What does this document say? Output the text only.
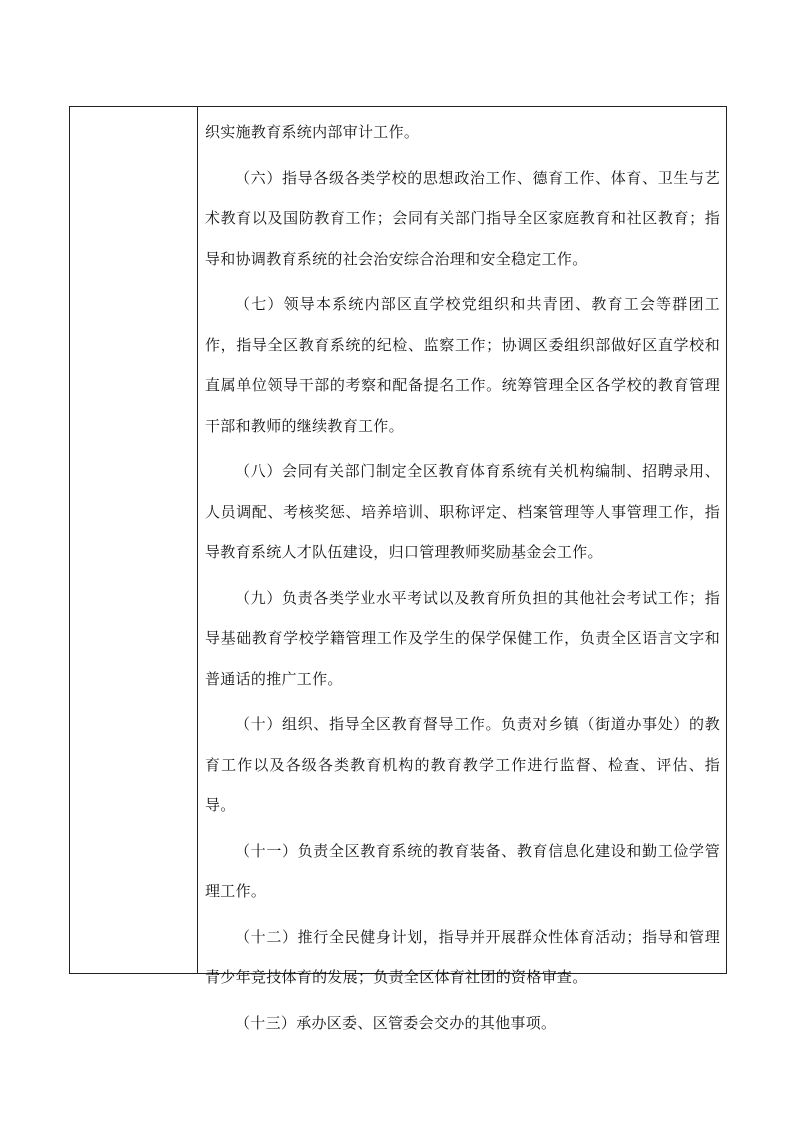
织实施教育系统内部审计工作。

（六）指导各级各类学校的思想政治工作、德育工作、体育、卫生与艺术教育以及国防教育工作；会同有关部门指导全区家庭教育和社区教育；指导和协调教育系统的社会治安综合治理和安全稳定工作。

（七）领导本系统内部区直学校党组织和共青团、教育工会等群团工作，指导全区教育系统的纪检、监察工作；协调区委组织部做好区直学校和直属单位领导干部的考察和配备提名工作。统筹管理全区各学校的教育管理干部和教师的继续教育工作。

（八）会同有关部门制定全区教育体育系统有关机构编制、招聘录用、人员调配、考核奖惩、培养培训、职称评定、档案管理等人事管理工作，指导教育系统人才队伍建设，归口管理教师奖励基金会工作。

（九）负责各类学业水平考试以及教育所负担的其他社会考试工作；指导基础教育学校学籍管理工作及学生的保学保健工作，负责全区语言文字和普通话的推广工作。

（十）组织、指导全区教育督导工作。负责对乡镇（街道办事处）的教育工作以及各级各类教育机构的教育教学工作进行监督、检查、评估、指导。

（十一）负责全区教育系统的教育装备、教育信息化建设和勤工俭学管理工作。

（十二）推行全民健身计划，指导并开展群众性体育活动；指导和管理青少年竞技体育的发展；负责全区体育社团的资格审查。

（十三）承办区委、区管委会交办的其他事项。
